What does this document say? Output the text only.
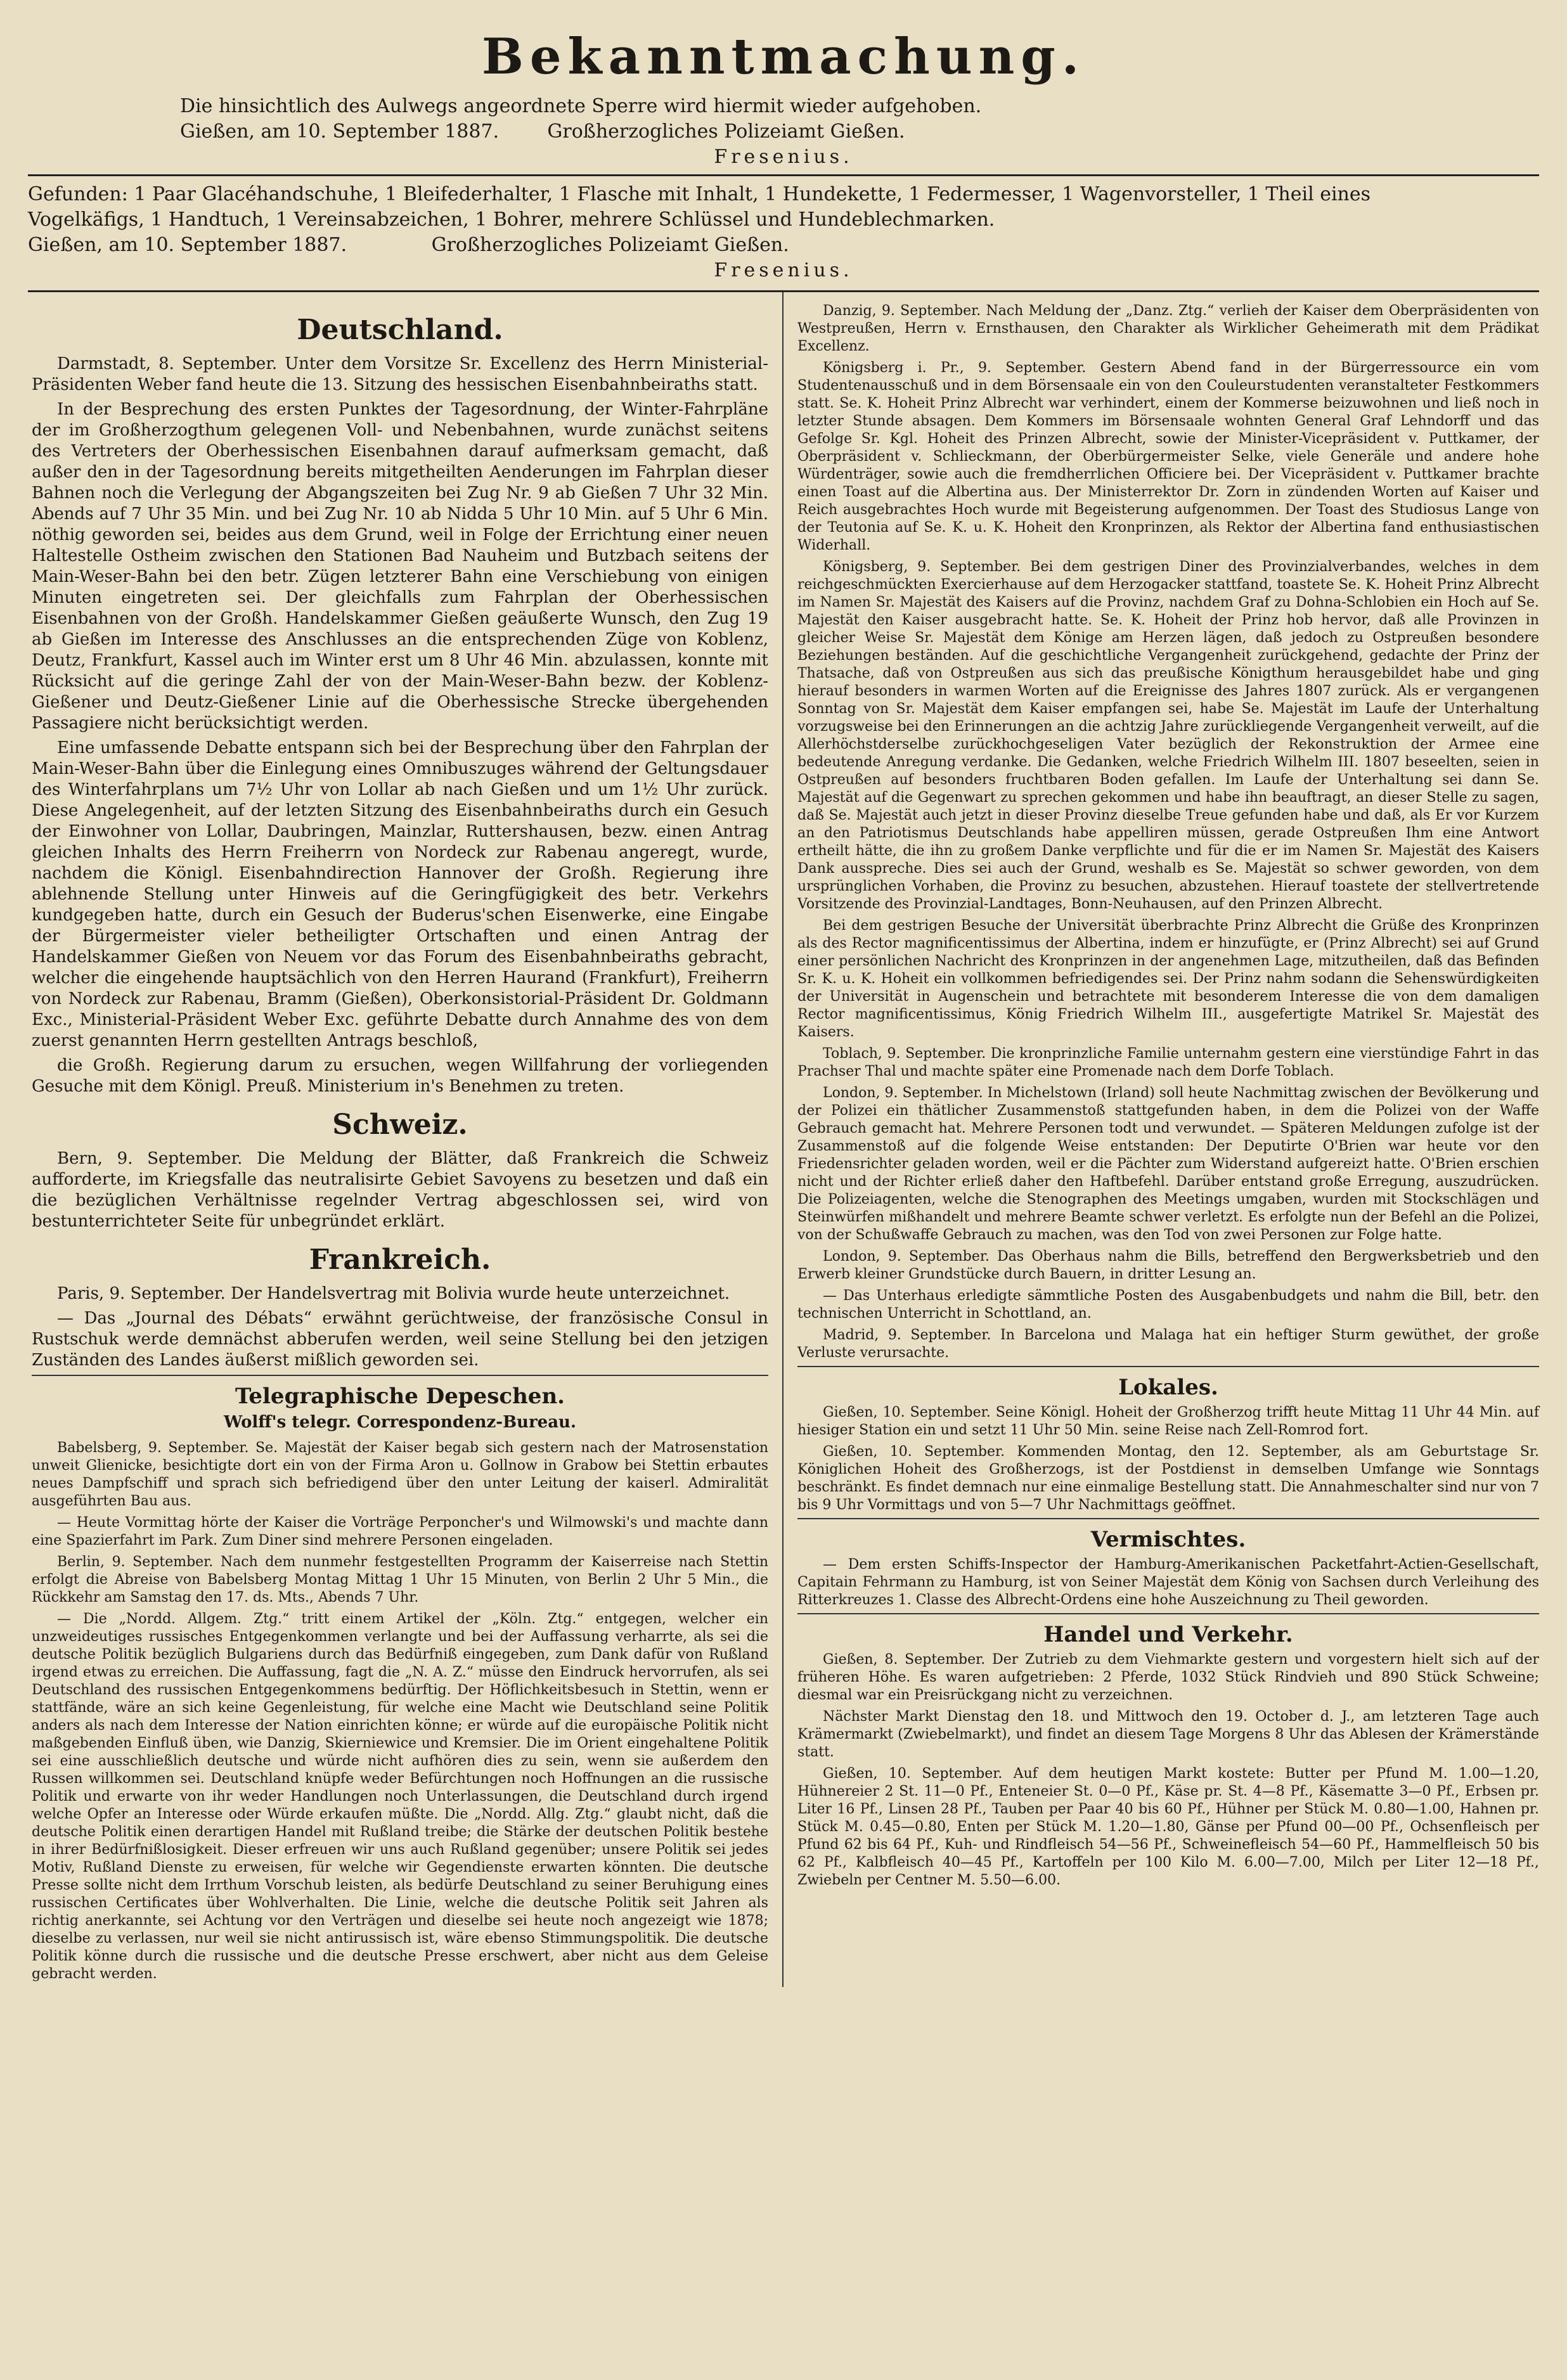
Bekanntmachung.
Die hinsichtlich des Aulwegs angeordnete Sperre wird hiermit wieder aufgehoben.
Gießen, am 10. September 1887.	Großherzogliches Polizeiamt Gießen.
Fresenius.
Gefunden: 1 Paar Glacéhandschuhe, 1 Bleifederhalter, 1 Flasche mit Inhalt, 1 Hundekette, 1 Federmesser, 1 Wagenvorsteller, 1 Theil eines
Vogelkäfigs, 1 Handtuch, 1 Vereinsabzeichen, 1 Bohrer, mehrere Schlüssel und Hundeblechmarken.
Gießen, am 10. September 1887.	Großherzogliches Polizeiamt Gießen.
Fresenius.
Deutschland.
Darmstadt, 8. September. Unter dem Vorsitze Sr. Excellenz des Herrn Ministerial-Präsidenten Weber fand heute die 13. Sitzung des hessischen Eisenbahnbeiraths statt.
In der Besprechung des ersten Punktes der Tagesordnung, der Winter-Fahrpläne der im Großherzogthum gelegenen Voll- und Nebenbahnen, wurde zunächst seitens des Vertreters der Oberhessischen Eisenbahnen darauf aufmerksam gemacht, daß außer den in der Tagesordnung bereits mitgetheilten Aenderungen im Fahrplan dieser Bahnen noch die Verlegung der Abgangszeiten bei Zug Nr. 9 ab Gießen 7 Uhr 32 Min. Abends auf 7 Uhr 35 Min. und bei Zug Nr. 10 ab Nidda 5 Uhr 10 Min. auf 5 Uhr 6 Min. nöthig geworden sei, beides aus dem Grund, weil in Folge der Errichtung einer neuen Haltestelle Ostheim zwischen den Stationen Bad Nauheim und Butzbach seitens der Main-Weser-Bahn bei den betr. Zügen letzterer Bahn eine Verschiebung von einigen Minuten eingetreten sei. Der gleichfalls zum Fahrplan der Oberhessischen Eisenbahnen von der Großh. Handelskammer Gießen geäußerte Wunsch, den Zug 19 ab Gießen im Interesse des Anschlusses an die entsprechenden Züge von Koblenz, Deutz, Frankfurt, Kassel auch im Winter erst um 8 Uhr 46 Min. abzulassen, konnte mit Rücksicht auf die geringe Zahl der von der Main-Weser-Bahn bezw. der Koblenz-Gießener und Deutz-Gießener Linie auf die Oberhessische Strecke übergehenden Passagiere nicht berücksichtigt werden.
Eine umfassende Debatte entspann sich bei der Besprechung über den Fahrplan der Main-Weser-Bahn über die Einlegung eines Omnibuszuges während der Geltungsdauer des Winterfahrplans um 7½ Uhr von Lollar ab nach Gießen und um 1½ Uhr zurück. Diese Angelegenheit, auf der letzten Sitzung des Eisenbahnbeiraths durch ein Gesuch der Einwohner von Lollar, Daubringen, Mainzlar, Ruttershausen, bezw. einen Antrag gleichen Inhalts des Herrn Freiherrn von Nordeck zur Rabenau angeregt, wurde, nachdem die Königl. Eisenbahndirection Hannover der Großh. Regierung ihre ablehnende Stellung unter Hinweis auf die Geringfügigkeit des betr. Verkehrs kundgegeben hatte, durch ein Gesuch der Buderus'schen Eisenwerke, eine Eingabe der Bürgermeister vieler betheiligter Ortschaften und einen Antrag der Handelskammer Gießen von Neuem vor das Forum des Eisenbahnbeiraths gebracht, welcher die eingehende hauptsächlich von den Herren Haurand (Frankfurt), Freiherrn von Nordeck zur Rabenau, Bramm (Gießen), Oberkonsistorial-Präsident Dr. Goldmann Exc., Ministerial-Präsident Weber Exc. geführte Debatte durch Annahme des von dem zuerst genannten Herrn gestellten Antrags beschloß,
die Großh. Regierung darum zu ersuchen, wegen Willfahrung der vorliegenden Gesuche mit dem Königl. Preuß. Ministerium in's Benehmen zu treten.
Schweiz.
Bern, 9. September. Die Meldung der Blätter, daß Frankreich die Schweiz aufforderte, im Kriegsfalle das neutralisirte Gebiet Savoyens zu besetzen und daß ein die bezüglichen Verhältnisse regelnder Vertrag abgeschlossen sei, wird von bestunterrichteter Seite für unbegründet erklärt.
Frankreich.
Paris, 9. September. Der Handelsvertrag mit Bolivia wurde heute unterzeichnet.
— Das „Journal des Débats“ erwähnt gerüchtweise, der französische Consul in Rustschuk werde demnächst abberufen werden, weil seine Stellung bei den jetzigen Zuständen des Landes äußerst mißlich geworden sei.
Telegraphische Depeschen.
Wolff's telegr. Correspondenz-Bureau.
Babelsberg, 9. September. Se. Majestät der Kaiser begab sich gestern nach der Matrosenstation unweit Glienicke, besichtigte dort ein von der Firma Aron u. Gollnow in Grabow bei Stettin erbautes neues Dampfschiff und sprach sich befriedigend über den unter Leitung der kaiserl. Admiralität ausgeführten Bau aus.
— Heute Vormittag hörte der Kaiser die Vorträge Perponcher's und Wilmowski's und machte dann eine Spazierfahrt im Park. Zum Diner sind mehrere Personen eingeladen.
Berlin, 9. September. Nach dem nunmehr festgestellten Programm der Kaiserreise nach Stettin erfolgt die Abreise von Babelsberg Montag Mittag 1 Uhr 15 Minuten, von Berlin 2 Uhr 5 Min., die Rückkehr am Samstag den 17. ds. Mts., Abends 7 Uhr.
— Die „Nordd. Allgem. Ztg.“ tritt einem Artikel der „Köln. Ztg.“ entgegen, welcher ein unzweideutiges russisches Entgegenkommen verlangte und bei der Auffassung verharrte, als sei die deutsche Politik bezüglich Bulgariens durch das Bedürfniß eingegeben, zum Dank dafür von Rußland irgend etwas zu erreichen. Die Auffassung, fagt die „N. A. Z.“ müsse den Eindruck hervorrufen, als sei Deutschland des russischen Entgegenkommens bedürftig. Der Höflichkeitsbesuch in Stettin, wenn er stattfände, wäre an sich keine Gegenleistung, für welche eine Macht wie Deutschland seine Politik anders als nach dem Interesse der Nation einrichten könne; er würde auf die europäische Politik nicht maßgebenden Einfluß üben, wie Danzig, Skierniewice und Kremsier. Die im Orient eingehaltene Politik sei eine ausschließlich deutsche und würde nicht aufhören dies zu sein, wenn sie außerdem den Russen willkommen sei. Deutschland knüpfe weder Befürchtungen noch Hoffnungen an die russische Politik und erwarte von ihr weder Handlungen noch Unterlassungen, die Deutschland durch irgend welche Opfer an Interesse oder Würde erkaufen müßte. Die „Nordd. Allg. Ztg.“ glaubt nicht, daß die deutsche Politik einen derartigen Handel mit Rußland treibe; die Stärke der deutschen Politik bestehe in ihrer Bedürfnißlosigkeit. Dieser erfreuen wir uns auch Rußland gegenüber; unsere Politik sei jedes Motiv, Rußland Dienste zu erweisen, für welche wir Gegendienste erwarten könnten. Die deutsche Presse sollte nicht dem Irrthum Vorschub leisten, als bedürfe Deutschland zu seiner Beruhigung eines russischen Certificates über Wohlverhalten. Die Linie, welche die deutsche Politik seit Jahren als richtig anerkannte, sei Achtung vor den Verträgen und dieselbe sei heute noch angezeigt wie 1878; dieselbe zu verlassen, nur weil sie nicht antirussisch ist, wäre ebenso Stimmungspolitik. Die deutsche Politik könne durch die russische und die deutsche Presse erschwert, aber nicht aus dem Geleise gebracht werden.
Danzig, 9. September. Nach Meldung der „Danz. Ztg.“ verlieh der Kaiser dem Oberpräsidenten von Westpreußen, Herrn v. Ernsthausen, den Charakter als Wirklicher Geheimerath mit dem Prädikat Excellenz.
Königsberg i. Pr., 9. September. Gestern Abend fand in der Bürgerressource ein vom Studentenausschuß und in dem Börsensaale ein von den Couleurstudenten veranstalteter Festkommers statt. Se. K. Hoheit Prinz Albrecht war verhindert, einem der Kommerse beizuwohnen und ließ noch in letzter Stunde absagen. Dem Kommers im Börsensaale wohnten General Graf Lehndorff und das Gefolge Sr. Kgl. Hoheit des Prinzen Albrecht, sowie der Minister-Vicepräsident v. Puttkamer, der Oberpräsident v. Schlieckmann, der Oberbürgermeister Selke, viele Generäle und andere hohe Würdenträger, sowie auch die fremdherrlichen Officiere bei. Der Vicepräsident v. Puttkamer brachte einen Toast auf die Albertina aus. Der Ministerrektor Dr. Zorn in zündenden Worten auf Kaiser und Reich ausgebrachtes Hoch wurde mit Begeisterung aufgenommen. Der Toast des Studiosus Lange von der Teutonia auf Se. K. u. K. Hoheit den Kronprinzen, als Rektor der Albertina fand enthusiastischen Widerhall.
Königsberg, 9. September. Bei dem gestrigen Diner des Provinzialverbandes, welches in dem reichgeschmückten Exercierhause auf dem Herzogacker stattfand, toastete Se. K. Hoheit Prinz Albrecht im Namen Sr. Majestät des Kaisers auf die Provinz, nachdem Graf zu Dohna-Schlobien ein Hoch auf Se. Majestät den Kaiser ausgebracht hatte. Se. K. Hoheit der Prinz hob hervor, daß alle Provinzen in gleicher Weise Sr. Majestät dem Könige am Herzen lägen, daß jedoch zu Ostpreußen besondere Beziehungen beständen. Auf die geschichtliche Vergangenheit zurückgehend, gedachte der Prinz der Thatsache, daß von Ostpreußen aus sich das preußische Königthum herausgebildet habe und ging hierauf besonders in warmen Worten auf die Ereignisse des Jahres 1807 zurück. Als er vergangenen Sonntag von Sr. Majestät dem Kaiser empfangen sei, habe Se. Majestät im Laufe der Unterhaltung vorzugsweise bei den Erinnerungen an die achtzig Jahre zurückliegende Vergangenheit verweilt, auf die Allerhöchstderselbe zurückhochgeseligen Vater bezüglich der Rekonstruktion der Armee eine bedeutende Anregung verdanke. Die Gedanken, welche Friedrich Wilhelm III. 1807 beseelten, seien in Ostpreußen auf besonders fruchtbaren Boden gefallen. Im Laufe der Unterhaltung sei dann Se. Majestät auf die Gegenwart zu sprechen gekommen und habe ihn beauftragt, an dieser Stelle zu sagen, daß Se. Majestät auch jetzt in dieser Provinz dieselbe Treue gefunden habe und daß, als Er vor Kurzem an den Patriotismus Deutschlands habe appelliren müssen, gerade Ostpreußen Ihm eine Antwort ertheilt hätte, die ihn zu großem Danke verpflichte und für die er im Namen Sr. Majestät des Kaisers Dank ausspreche. Dies sei auch der Grund, weshalb es Se. Majestät so schwer geworden, von dem ursprünglichen Vorhaben, die Provinz zu besuchen, abzustehen. Hierauf toastete der stellvertretende Vorsitzende des Provinzial-Landtages, Bonn-Neuhausen, auf den Prinzen Albrecht.
Bei dem gestrigen Besuche der Universität überbrachte Prinz Albrecht die Grüße des Kronprinzen als des Rector magnificentissimus der Albertina, indem er hinzufügte, er (Prinz Albrecht) sei auf Grund einer persönlichen Nachricht des Kronprinzen in der angenehmen Lage, mitzutheilen, daß das Befinden Sr. K. u. K. Hoheit ein vollkommen befriedigendes sei. Der Prinz nahm sodann die Sehenswürdigkeiten der Universität in Augenschein und betrachtete mit besonderem Interesse die von dem damaligen Rector magnificentissimus, König Friedrich Wilhelm III., ausgefertigte Matrikel Sr. Majestät des Kaisers.
Toblach, 9. September. Die kronprinzliche Familie unternahm gestern eine vierstündige Fahrt in das Prachser Thal und machte später eine Promenade nach dem Dorfe Toblach.
London, 9. September. In Michelstown (Irland) soll heute Nachmittag zwischen der Bevölkerung und der Polizei ein thätlicher Zusammenstoß stattgefunden haben, in dem die Polizei von der Waffe Gebrauch gemacht hat. Mehrere Personen todt und verwundet. — Späteren Meldungen zufolge ist der Zusammenstoß auf die folgende Weise entstanden: Der Deputirte O'Brien war heute vor den Friedensrichter geladen worden, weil er die Pächter zum Widerstand aufgereizt hatte. O'Brien erschien nicht und der Richter erließ daher den Haftbefehl. Darüber entstand große Erregung, auszudrücken. Die Polizeiagenten, welche die Stenographen des Meetings umgaben, wurden mit Stockschlägen und Steinwürfen mißhandelt und mehrere Beamte schwer verletzt. Es erfolgte nun der Befehl an die Polizei, von der Schußwaffe Gebrauch zu machen, was den Tod von zwei Personen zur Folge hatte.
London, 9. September. Das Oberhaus nahm die Bills, betreffend den Bergwerksbetrieb und den Erwerb kleiner Grundstücke durch Bauern, in dritter Lesung an.
— Das Unterhaus erledigte sämmtliche Posten des Ausgabenbudgets und nahm die Bill, betr. den technischen Unterricht in Schottland, an.
Madrid, 9. September. In Barcelona und Malaga hat ein heftiger Sturm gewüthet, der große Verluste verursachte.
Lokales.
Gießen, 10. September. Seine Königl. Hoheit der Großherzog trifft heute Mittag 11 Uhr 44 Min. auf hiesiger Station ein und setzt 11 Uhr 50 Min. seine Reise nach Zell-Romrod fort.
Gießen, 10. September. Kommenden Montag, den 12. September, als am Geburtstage Sr. Königlichen Hoheit des Großherzogs, ist der Postdienst in demselben Umfange wie Sonntags beschränkt. Es findet demnach nur eine einmalige Bestellung statt. Die Annahmeschalter sind nur von 7 bis 9 Uhr Vormittags und von 5—7 Uhr Nachmittags geöffnet.
Vermischtes.
— Dem ersten Schiffs-Inspector der Hamburg-Amerikanischen Packetfahrt-Actien-Gesellschaft, Capitain Fehrmann zu Hamburg, ist von Seiner Majestät dem König von Sachsen durch Verleihung des Ritterkreuzes 1. Classe des Albrecht-Ordens eine hohe Auszeichnung zu Theil geworden.
Handel und Verkehr.
Gießen, 8. September. Der Zutrieb zu dem Viehmarkte gestern und vorgestern hielt sich auf der früheren Höhe. Es waren aufgetrieben: 2 Pferde, 1032 Stück Rindvieh und 890 Stück Schweine; diesmal war ein Preisrückgang nicht zu verzeichnen.
Nächster Markt Dienstag den 18. und Mittwoch den 19. October d. J., am letzteren Tage auch Krämermarkt (Zwiebelmarkt), und findet an diesem Tage Morgens 8 Uhr das Ablesen der Krämerstände statt.
Gießen, 10. September. Auf dem heutigen Markt kostete: Butter per Pfund M. 1.00—1.20, Hühnereier 2 St. 11—0 Pf., Enteneier St. 0—0 Pf., Käse pr. St. 4—8 Pf., Käsematte 3—0 Pf., Erbsen pr. Liter 16 Pf., Linsen 28 Pf., Tauben per Paar 40 bis 60 Pf., Hühner per Stück M. 0.80—1.00, Hahnen pr. Stück M. 0.45—0.80, Enten per Stück M. 1.20—1.80, Gänse per Pfund 00—00 Pf., Ochsenfleisch per Pfund 62 bis 64 Pf., Kuh- und Rindfleisch 54—56 Pf., Schweinefleisch 54—60 Pf., Hammelfleisch 50 bis 62 Pf., Kalbfleisch 40—45 Pf., Kartoffeln per 100 Kilo M. 6.00—7.00, Milch per Liter 12—18 Pf., Zwiebeln per Centner M. 5.50—6.00.
